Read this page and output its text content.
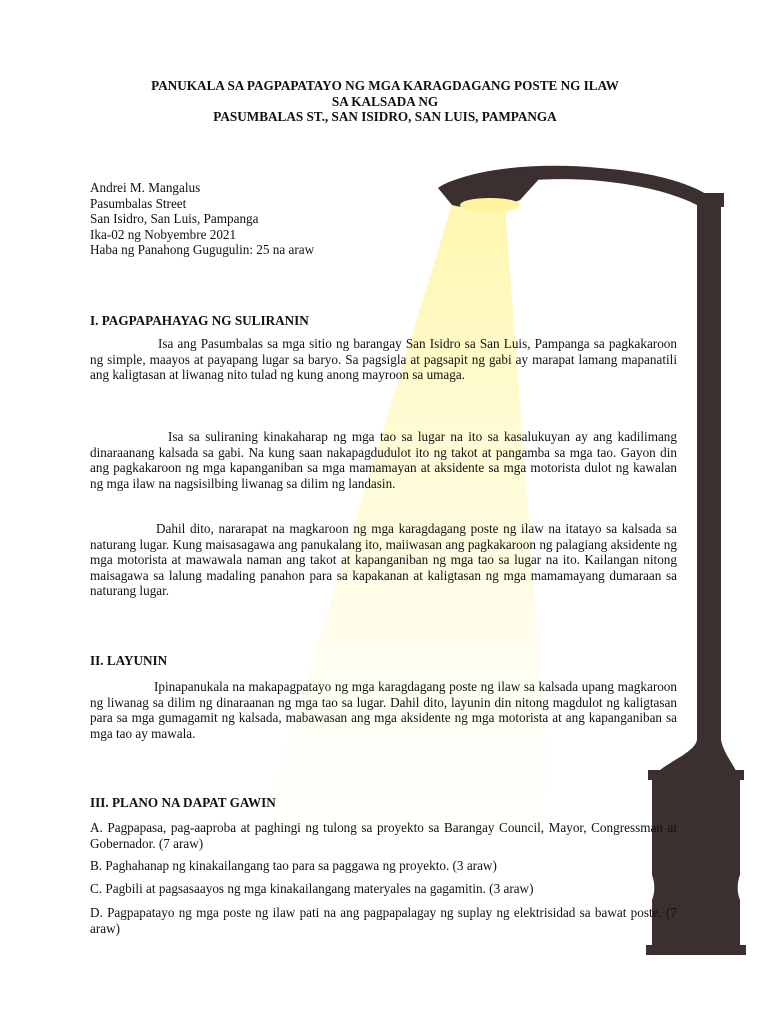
PANUKALA SA PAGPAPATAYO NG MGA KARAGDAGANG POSTE NG ILAW
SA KALSADA NG
PASUMBALAS ST., SAN ISIDRO, SAN LUIS, PAMPANGA
Andrei M. Mangalus
Pasumbalas Street
San Isidro, San Luis, Pampanga
Ika-02 ng Nobyembre 2021
Haba ng Panahong Gugugulin: 25 na araw
I. PAGPAPAHAYAG NG SULIRANIN

Isa ang Pasumbalas sa mga sitio ng barangay San Isidro sa San Luis, Pampanga sa pagkakaroon ng simple, maayos at payapang lugar sa baryo. Sa pagsigla at pagsapit ng gabi ay marapat lamang mapanatili ang kaligtasan at liwanag nito tulad ng kung anong mayroon sa umaga.

Isa sa suliraning kinakaharap ng mga tao sa lugar na ito sa kasalukuyan ay ang kadilimang dinaraanang kalsada sa gabi. Na kung saan nakapagdudulot ito ng takot at pangamba sa mga tao. Gayon din ang pagkakaroon ng mga kapanganiban sa mga mamamayan at aksidente sa mga motorista dulot ng kawalan ng mga ilaw na nagsisilbing liwanag sa dilim ng landasin.

Dahil dito, nararapat na magkaroon ng mga karagdagang poste ng ilaw na itatayo sa kalsada sa naturang lugar. Kung maisasagawa ang panukalang ito, maiiwasan ang pagkakaroon ng palagiang aksidente ng mga motorista at mawawala naman ang takot at kapanganiban ng mga tao sa lugar na ito. Kailangan nitong maisagawa sa lalung madaling panahon para sa kapakanan at kaligtasan ng mga mamamayang dumaraan sa naturang lugar.

II. LAYUNIN

Ipinapanukala na makapagpatayo ng mga karagdagang poste ng ilaw sa kalsada upang magkaroon ng liwanag sa dilim ng dinaraanan ng mga tao sa lugar. Dahil dito, layunin din nitong magdulot ng kaligtasan para sa mga gumagamit ng kalsada, mabawasan ang mga aksidente ng mga motorista at ang kapanganiban sa mga tao ay mawala.

III. PLANO NA DAPAT GAWIN

A. Pagpapasa, pag-aaproba at paghingi ng tulong sa proyekto sa Barangay Council, Mayor, Congressman at Gobernador. (7 araw)

B. Paghahanap ng kinakailangang tao para sa paggawa ng proyekto. (3 araw)

C. Pagbili at pagsasaayos ng mga kinakailangang materyales na gagamitin. (3 araw)

D. Pagpapatayo ng mga poste ng ilaw pati na ang pagpapalagay ng suplay ng elektrisidad sa bawat poste. (7 araw)
